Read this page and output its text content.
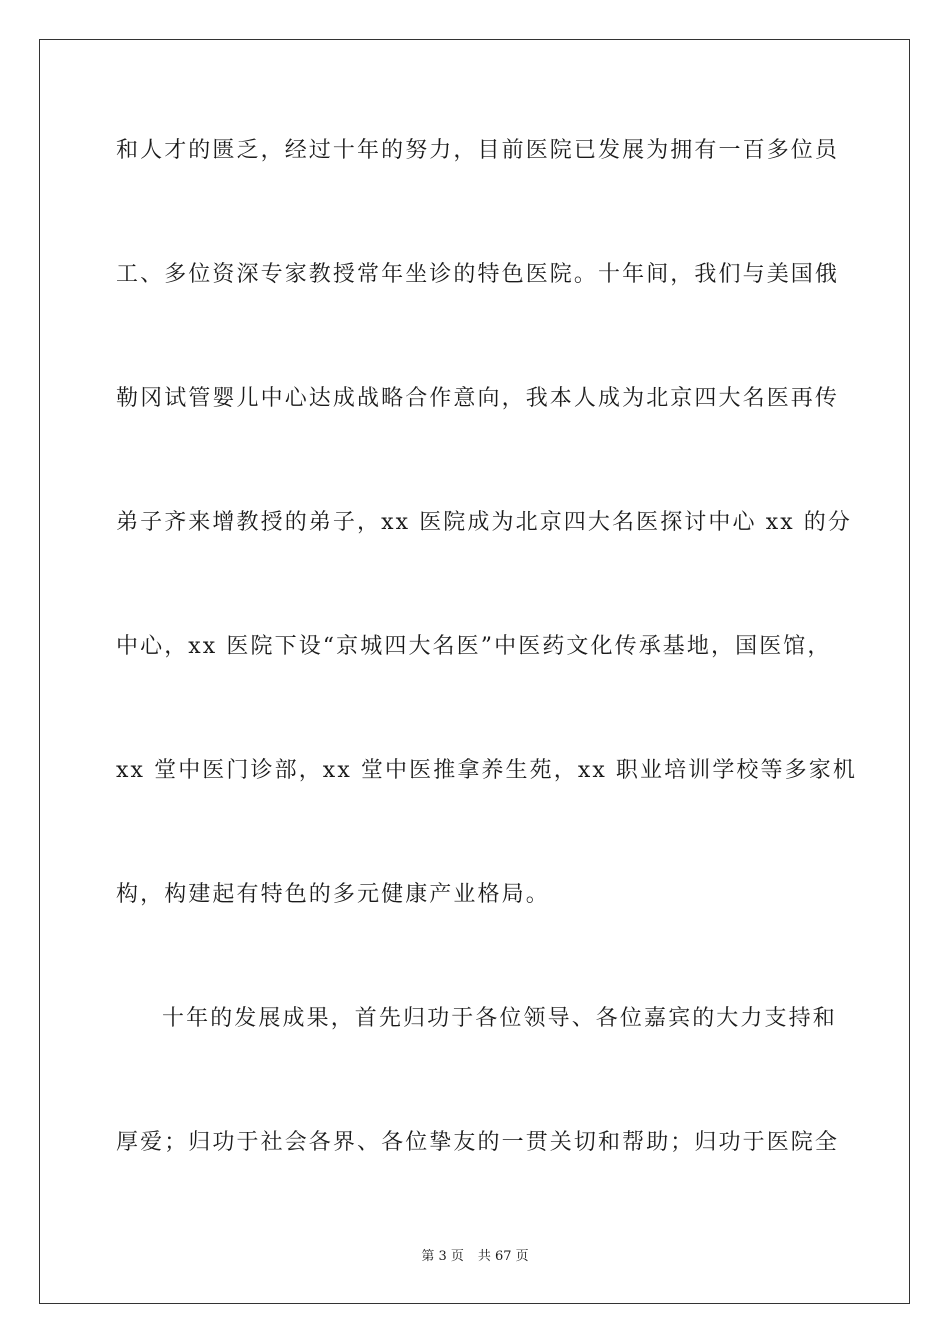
和人才的匮乏，经过十年的努力，目前医院已发展为拥有一百多位员
工、多位资深专家教授常年坐诊的特色医院。十年间，我们与美国俄
勒冈试管婴儿中心达成战略合作意向，我本人成为北京四大名医再传
弟子齐来增教授的弟子，xx 医院成为北京四大名医探讨中心 xx 的分
中心，xx 医院下设“京城四大名医”中医药文化传承基地，国医馆，
xx 堂中医门诊部，xx 堂中医推拿养生苑，xx 职业培训学校等多家机
构，构建起有特色的多元健康产业格局。
十年的发展成果，首先归功于各位领导、各位嘉宾的大力支持和
厚爱；归功于社会各界、各位挚友的一贯关切和帮助；归功于医院全
第 3 页 共 67 页
